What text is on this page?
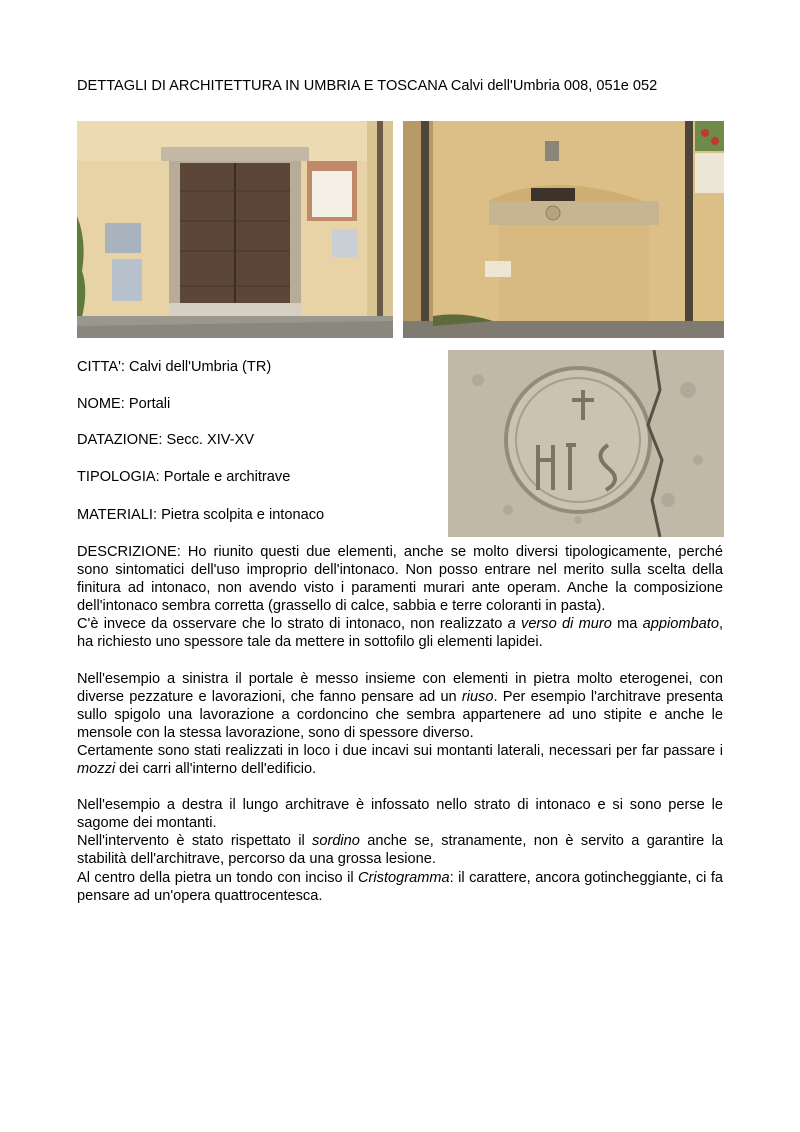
DETTAGLI DI ARCHITETTURA IN UMBRIA E TOSCANA Calvi dell'Umbria 008, 051e 052
CITTA': Calvi dell'Umbria (TR)
NOME: Portali
DATAZIONE: Secc. XIV-XV
TIPOLOGIA: Portale e architrave
MATERIALI: Pietra scolpita e intonaco

DESCRIZIONE: Ho riunito questi due elementi, anche se molto diversi tipologicamente, perché sono sintomatici dell'uso improprio dell'intonaco. Non posso entrare nel merito sulla scelta della finitura ad intonaco, non avendo visto i paramenti murari ante operam. Anche la composizione dell'intonaco sembra corretta (grassello di calce, sabbia e terre coloranti in pasta).

C'è invece da osservare che lo strato di intonaco, non realizzato a verso di muro ma appiombato, ha richiesto uno spessore tale da mettere in sottofilo gli elementi lapidei.

Nell'esempio a sinistra il portale è messo insieme con elementi in pietra molto eterogenei, con diverse pezzature e lavorazioni, che fanno pensare ad un riuso. Per esempio l'architrave presenta sullo spigolo una lavorazione a cordoncino che sembra appartenere ad uno stipite e anche le mensole con la stessa lavorazione, sono di spessore diverso.

Certamente sono stati realizzati in loco i due incavi sui montanti laterali, necessari per far passare i mozzi dei carri all'interno dell'edificio.

Nell'esempio a destra il lungo architrave è infossato nello strato di intonaco e si sono perse le sagome dei montanti.

Nell'intervento è stato rispettato il sordino anche se, stranamente, non è servito a garantire la stabilità dell'architrave, percorso da una grossa lesione.

Al centro della pietra un tondo con inciso il Cristogramma: il carattere, ancora gotincheggiante, ci fa pensare ad un'opera quattrocentesca.
